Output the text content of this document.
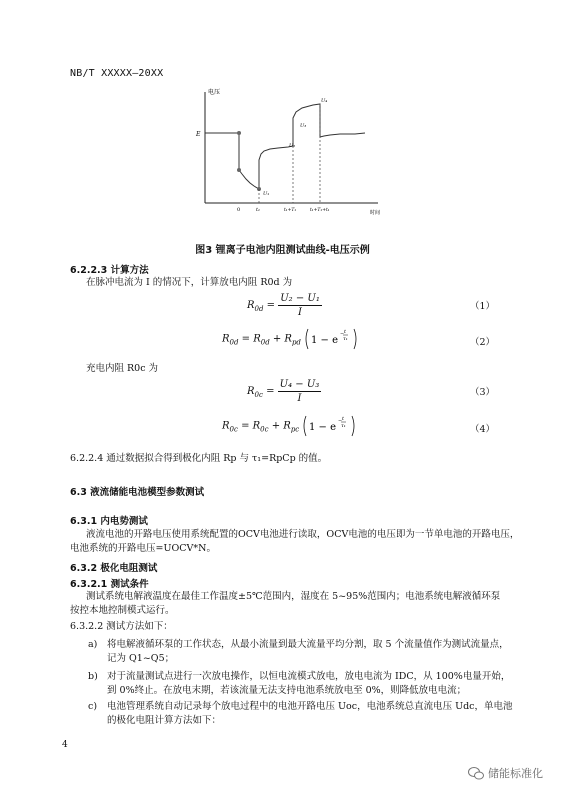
NB/T XXXXX—20XX
电压
时间
E
U₁
U₂
U₃
U₄
0	t₁	t₁+T₁	t₁+T₁+t₁
图3 锂离子电池内阻测试曲线-电压示例
6.2.2.3 计算方法
在脉冲电流为 I 的情况下，计算放电内阻 R0d 为
$R_{0d} = \frac{\text{U₂ − U₁}}{I}$	（1）
$R_{0d} = R_{0d} + R_{pd}$ 1 − e
− t
τ₁	（2）
充电内阻 R0c 为
$R_{0c} = \frac{\text{U₄ − U₃}}{I}$	（3）
$R_{0c} = R_{0c} + R_{pc}$ 1 − e
− t
τ₁	（4）
6.2.2.4 通过数据拟合得到极化内阻 Rp 与 τ₁=RpCp 的值。
6.3 液流储能电池模型参数测试
6.3.1 内电势测试
液流电池的开路电压使用系统配置的OCV电池进行读取，OCV电池的电压即为一节单电池的开路电压，
电池系统的开路电压=UOCV*N。
6.3.2 极化电阻测试
6.3.2.1 测试条件
测试系统电解液温度在最佳工作温度±5℃范围内，湿度在 5~95%范围内；电池系统电解液循环泵
按控本地控制模式运行。
6.3.2.2 测试方法如下：
a) 将电解液循环泵的工作状态，从最小流量到最大流量平均分割，取 5 个流量值作为测试流量点，
记为 Q1~Q5；
b) 对于流量测试点进行一次放电操作，以恒电流模式放电，放电电流为 IDC，从 100%电量开始，
到 0%终止。在放电末期，若该流量无法支持电池系统放电至 0%，则降低放电电流；
c) 电池管理系统自动记录每个放电过程中的电池开路电压 Uoc，电池系统总直流电压 Udc，单电池
的极化电阻计算方法如下：
4
储能标准化
